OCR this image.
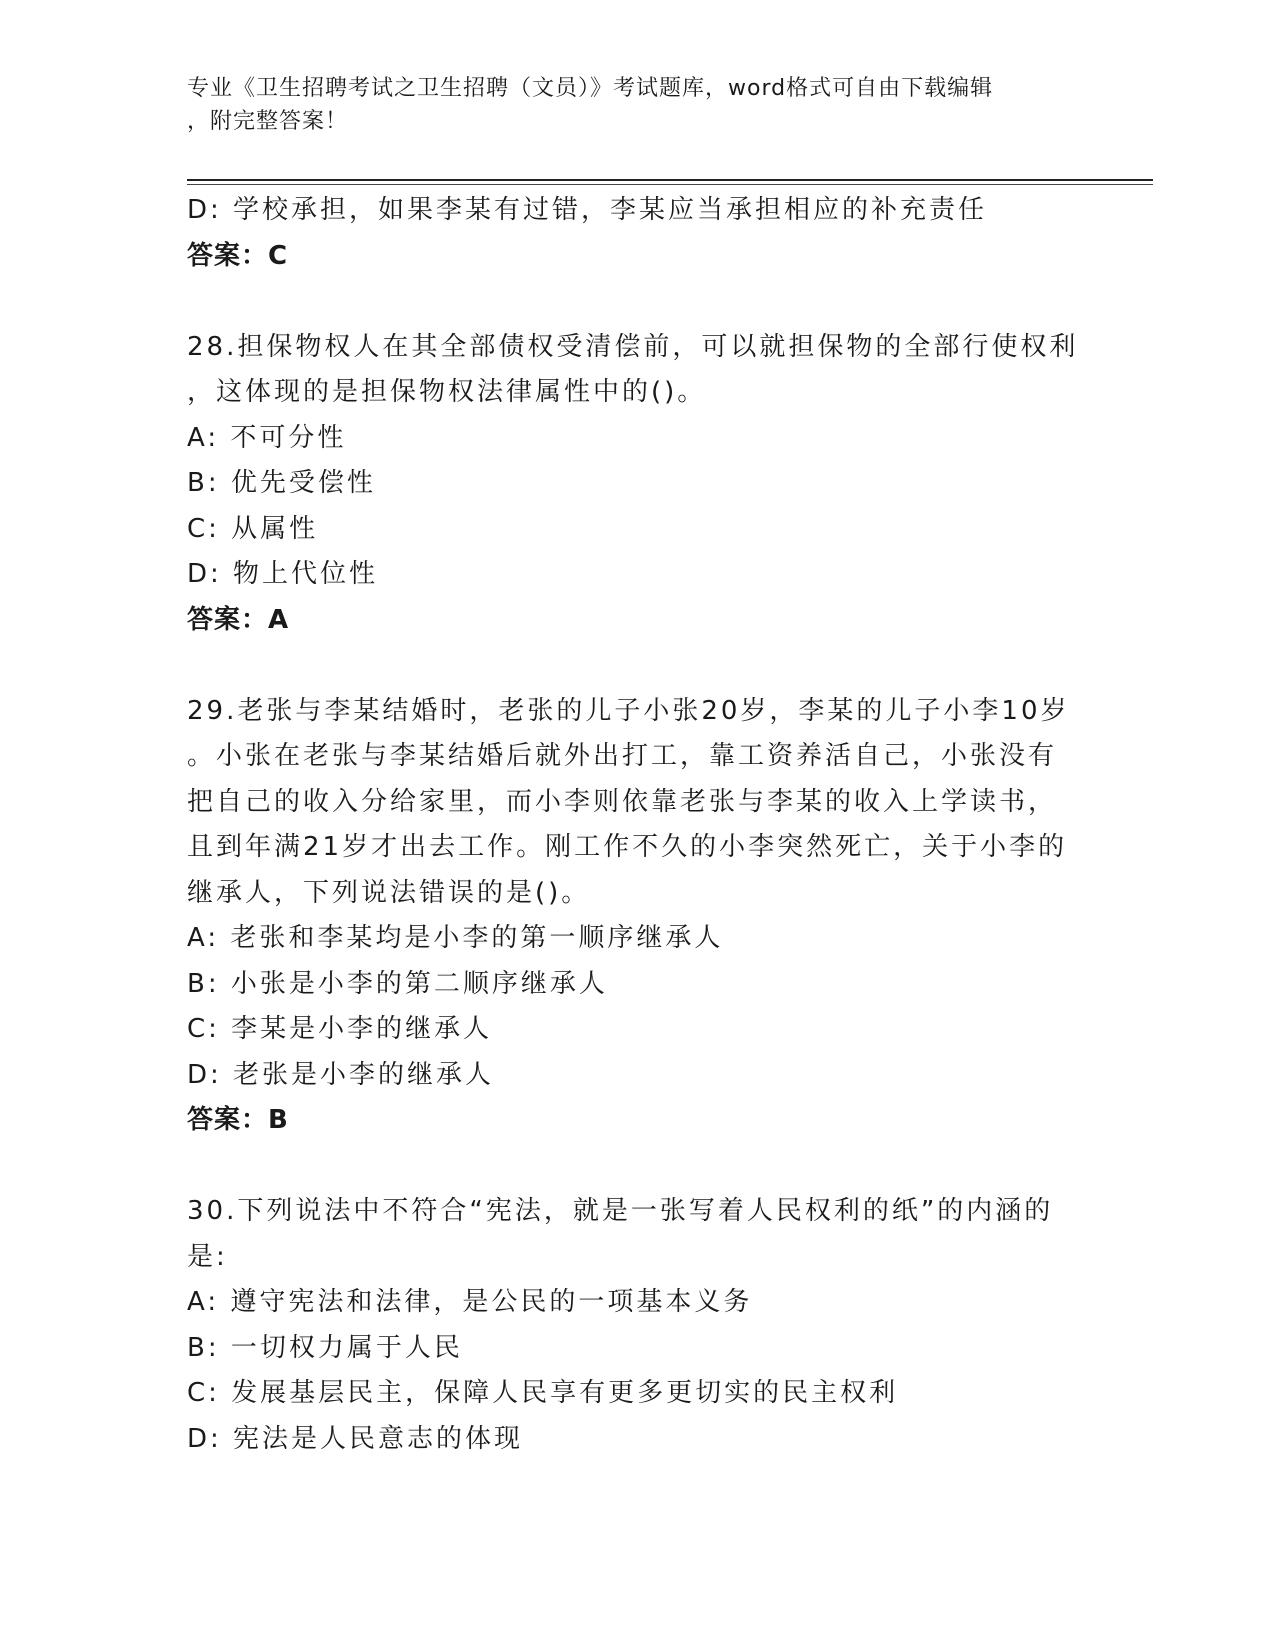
专业《卫生招聘考试之卫生招聘（文员）》考试题库，word格式可自由下载编辑
，附完整答案！
D: 学校承担，如果李某有过错，李某应当承担相应的补充责任
答案：C
28.担保物权人在其全部债权受清偿前，可以就担保物的全部行使权利
，这体现的是担保物权法律属性中的()。
A: 不可分性
B: 优先受偿性
C: 从属性
D: 物上代位性
答案：A
29.老张与李某结婚时，老张的儿子小张20岁，李某的儿子小李10岁
。小张在老张与李某结婚后就外出打工，靠工资养活自己，小张没有
把自己的收入分给家里，而小李则依靠老张与李某的收入上学读书，
且到年满21岁才出去工作。刚工作不久的小李突然死亡，关于小李的
继承人，下列说法错误的是()。
A: 老张和李某均是小李的第一顺序继承人
B: 小张是小李的第二顺序继承人
C: 李某是小李的继承人
D: 老张是小李的继承人
答案：B
30.下列说法中不符合“宪法，就是一张写着人民权利的纸”的内涵的
是:
A: 遵守宪法和法律，是公民的一项基本义务
B: 一切权力属于人民
C: 发展基层民主，保障人民享有更多更切实的民主权利
D: 宪法是人民意志的体现
